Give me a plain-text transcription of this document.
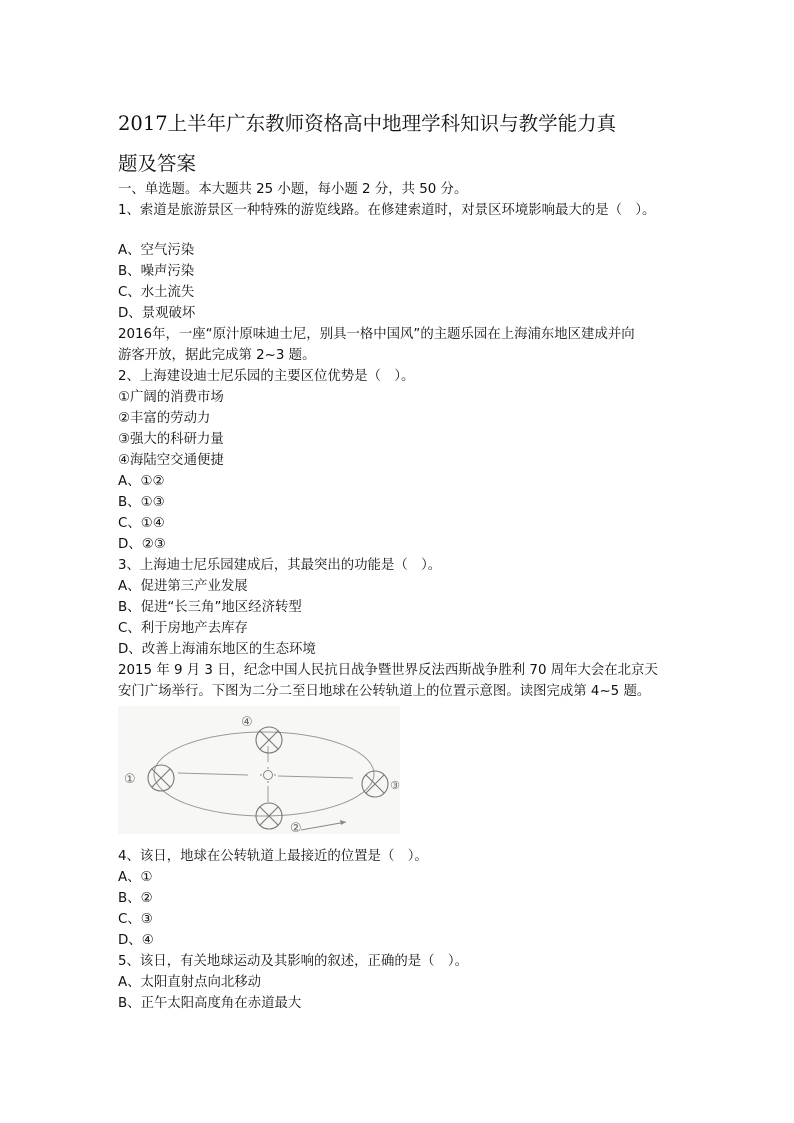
2017上半年广东教师资格高中地理学科知识与教学能力真
题及答案
一、单选题。本大题共 25 小题，每小题 2 分，共 50 分。
1、索道是旅游景区一种特殊的游览线路。在修建索道时，对景区环境影响最大的是（　）。
A、空气污染
B、噪声污染
C、水土流失
D、景观破坏
2016年，一座“原汁原味迪士尼，别具一格中国风”的主题乐园在上海浦东地区建成并向
游客开放，据此完成第 2~3 题。
2、上海建设迪士尼乐园的主要区位优势是（　）。
①广阔的消费市场
②丰富的劳动力
③强大的科研力量
④海陆空交通便捷
A、①②
B、①③
C、①④
D、②③
3、上海迪士尼乐园建成后，其最突出的功能是（　）。
A、促进第三产业发展
B、促进“长三角”地区经济转型
C、利于房地产去库存
D、改善上海浦东地区的生态环境
2015 年 9 月 3 日，纪念中国人民抗日战争暨世界反法西斯战争胜利 70 周年大会在北京天
安门广场举行。下图为二分二至日地球在公转轨道上的位置示意图。读图完成第 4~5 题。
①
②
③
④
4、该日，地球在公转轨道上最接近的位置是（　）。
A、①
B、②
C、③
D、④
5、该日，有关地球运动及其影响的叙述，正确的是（　）。
A、太阳直射点向北移动
B、正午太阳高度角在赤道最大
